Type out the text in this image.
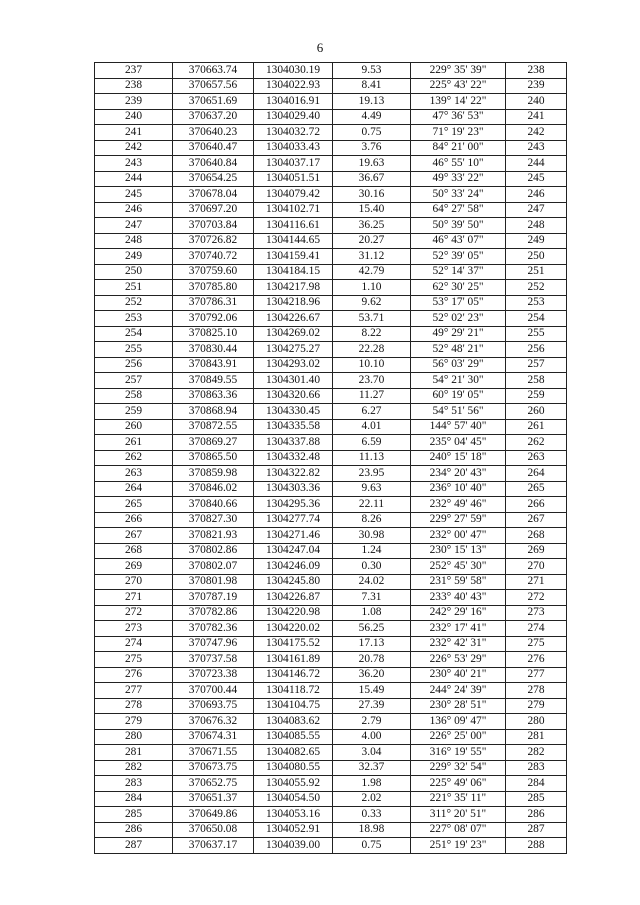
6
237	370663.74	1304030.19	9.53	229° 35' 39"	238
238	370657.56	1304022.93	8.41	225° 43' 22"	239
239	370651.69	1304016.91	19.13	139° 14' 22"	240
240	370637.20	1304029.40	4.49	47° 36' 53"	241
241	370640.23	1304032.72	0.75	71° 19' 23"	242
242	370640.47	1304033.43	3.76	84° 21' 00"	243
243	370640.84	1304037.17	19.63	46° 55' 10"	244
244	370654.25	1304051.51	36.67	49° 33' 22"	245
245	370678.04	1304079.42	30.16	50° 33' 24"	246
246	370697.20	1304102.71	15.40	64° 27' 58"	247
247	370703.84	1304116.61	36.25	50° 39' 50"	248
248	370726.82	1304144.65	20.27	46° 43' 07"	249
249	370740.72	1304159.41	31.12	52° 39' 05"	250
250	370759.60	1304184.15	42.79	52° 14' 37"	251
251	370785.80	1304217.98	1.10	62° 30' 25"	252
252	370786.31	1304218.96	9.62	53° 17' 05"	253
253	370792.06	1304226.67	53.71	52° 02' 23"	254
254	370825.10	1304269.02	8.22	49° 29' 21"	255
255	370830.44	1304275.27	22.28	52° 48' 21"	256
256	370843.91	1304293.02	10.10	56° 03' 29"	257
257	370849.55	1304301.40	23.70	54° 21' 30"	258
258	370863.36	1304320.66	11.27	60° 19' 05"	259
259	370868.94	1304330.45	6.27	54° 51' 56"	260
260	370872.55	1304335.58	4.01	144° 57' 40"	261
261	370869.27	1304337.88	6.59	235° 04' 45"	262
262	370865.50	1304332.48	11.13	240° 15' 18"	263
263	370859.98	1304322.82	23.95	234° 20' 43"	264
264	370846.02	1304303.36	9.63	236° 10' 40"	265
265	370840.66	1304295.36	22.11	232° 49' 46"	266
266	370827.30	1304277.74	8.26	229° 27' 59"	267
267	370821.93	1304271.46	30.98	232° 00' 47"	268
268	370802.86	1304247.04	1.24	230° 15' 13"	269
269	370802.07	1304246.09	0.30	252° 45' 30"	270
270	370801.98	1304245.80	24.02	231° 59' 58"	271
271	370787.19	1304226.87	7.31	233° 40' 43"	272
272	370782.86	1304220.98	1.08	242° 29' 16"	273
273	370782.36	1304220.02	56.25	232° 17' 41"	274
274	370747.96	1304175.52	17.13	232° 42' 31"	275
275	370737.58	1304161.89	20.78	226° 53' 29"	276
276	370723.38	1304146.72	36.20	230° 40' 21"	277
277	370700.44	1304118.72	15.49	244° 24' 39"	278
278	370693.75	1304104.75	27.39	230° 28' 51"	279
279	370676.32	1304083.62	2.79	136° 09' 47"	280
280	370674.31	1304085.55	4.00	226° 25' 00"	281
281	370671.55	1304082.65	3.04	316° 19' 55"	282
282	370673.75	1304080.55	32.37	229° 32' 54"	283
283	370652.75	1304055.92	1.98	225° 49' 06"	284
284	370651.37	1304054.50	2.02	221° 35' 11"	285
285	370649.86	1304053.16	0.33	311° 20' 51"	286
286	370650.08	1304052.91	18.98	227° 08' 07"	287
287	370637.17	1304039.00	0.75	251° 19' 23"	288
